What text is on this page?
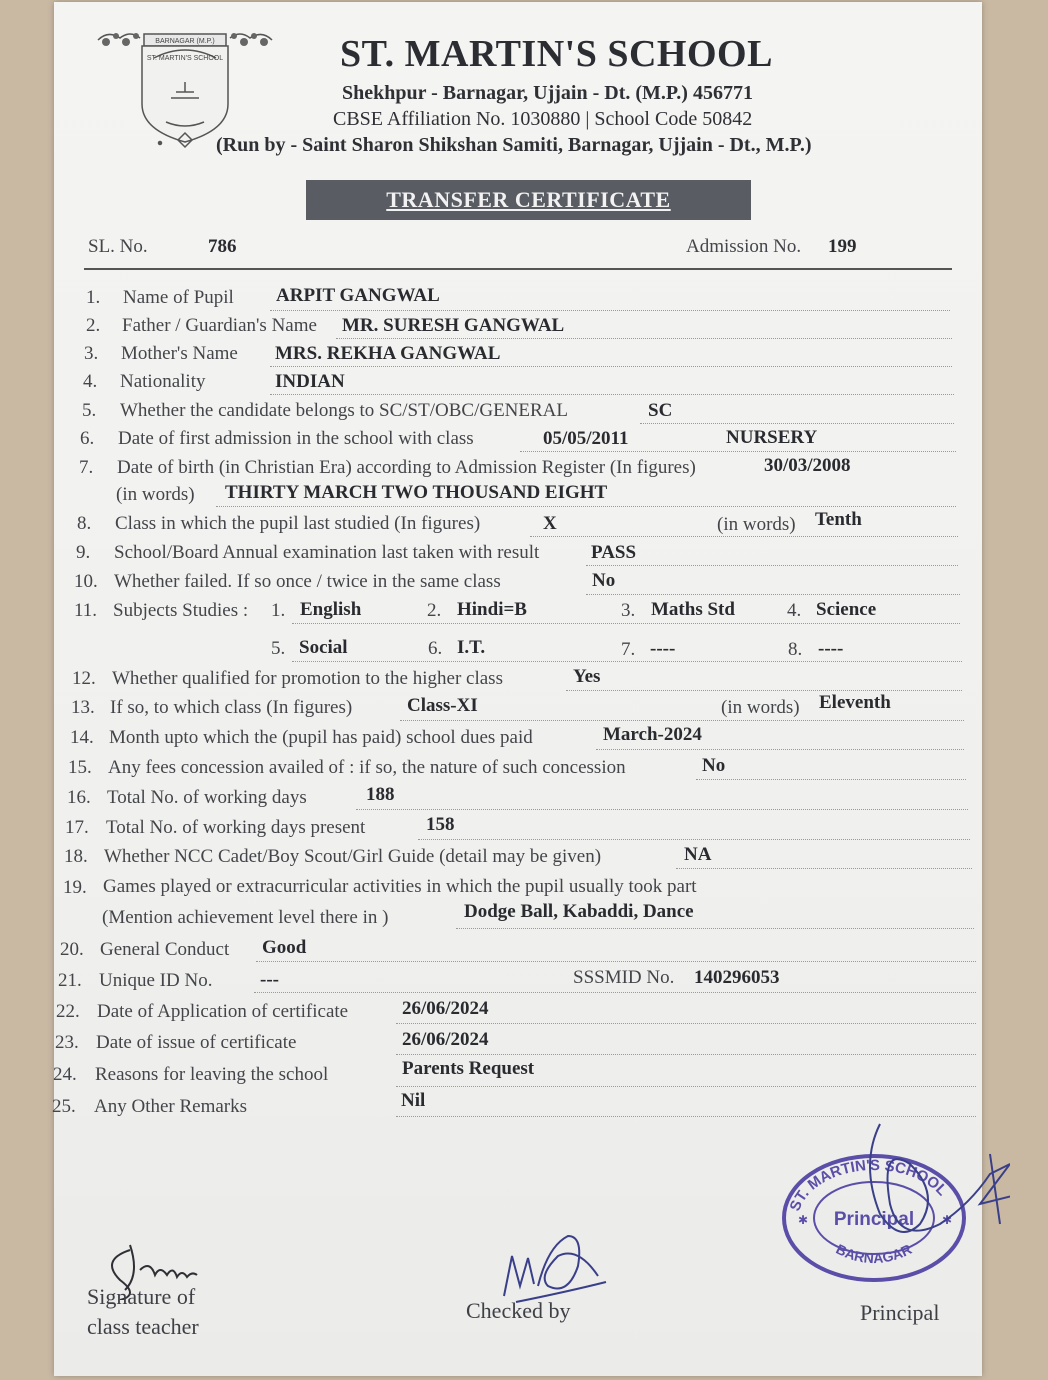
BARNAGAR (M.P.)
ST. MARTIN'S SCHOOL	ST. MARTIN'S SCHOOL
Shekhpur - Barnagar, Ujjain - Dt. (M.P.) 456771
CBSE Affiliation No. 1030880 | School Code 50842
(Run by - Saint Sharon Shikshan Samiti, Barnagar, Ujjain - Dt., M.P.)
TRANSFER CERTIFICATE
SL. No.	786	Admission No. 199
1. Name of Pupil ARPIT GANGWAL
2. Father / Guardian's Name MR. SURESH GANGWAL
3. Mother's Name MRS. REKHA GANGWAL
4. Nationality	INDIAN
5. Whether the candidate belongs to SC/ST/OBC/GENERAL	SC
6. Date of first admission in the school with class	05/05/2011	NURSERY
7. Date of birth (in Christian Era) according to Admission Register (In figures)	30/03/2008
(in words) THIRTY MARCH TWO THOUSAND EIGHT
8. Class in which the pupil last studied (In figures)	X	(in words) Tenth
9. School/Board Annual examination last taken with result	PASS
10. Whether failed. If so once / twice in the same class	No
11. Subjects Studies : 1. English	2. Hindi=B	3. Maths Std	4. Science
5. Social	6. I.T.	7. ----	8. ----
12. Whether qualified for promotion to the higher class	Yes
13. If so, to which class (In figures)	Class-XI	(in words) Eleventh
14. Month upto which the (pupil has paid) school dues paid	March-2024
15. Any fees concession availed of : if so, the nature of such concession	No
16. Total No. of working days	188
17. Total No. of working days present	158
18. Whether NCC Cadet/Boy Scout/Girl Guide (detail may be given)	NA
19. Games played or extracurricular activities in which the pupil usually took part
(Mention achievement level there in )	Dodge Ball, Kabaddi, Dance
20. General Conduct Good
21. Unique ID No.	---	SSSMID No. 140296053
22. Date of Application of certificate	26/06/2024
23. Date of issue of certificate	26/06/2024
24. Reasons for leaving the school	Parents Request
25. Any Other Remarks	Nil
ST. MARTIN'S SCHOOL
Principal
BARNAGAR
✱	✱
Signature of
class teacher
Checked by	Principal
